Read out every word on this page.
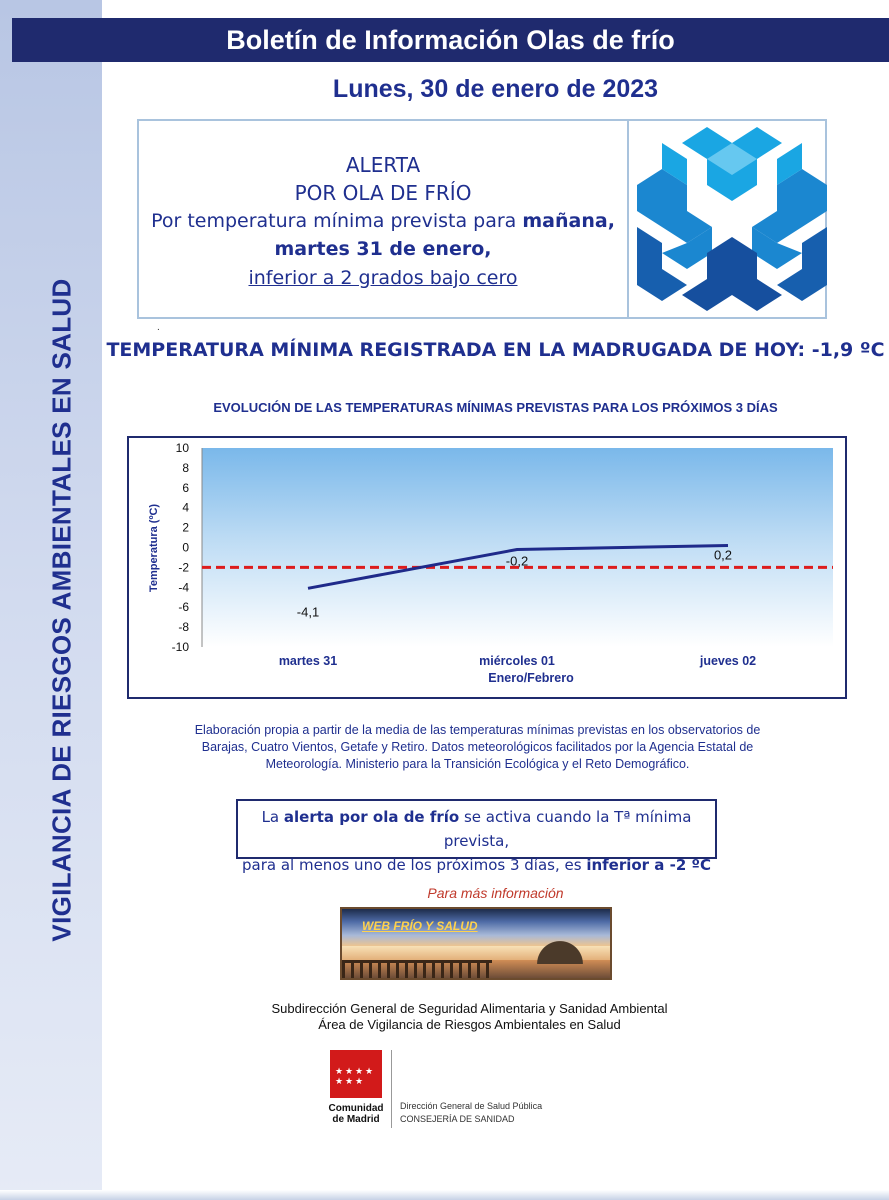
VIGILANCIA DE RIESGOS AMBIENTALES EN SALUD
Boletín de Información Olas de frío
Lunes, 30 de enero de 2023
ALERTA
POR OLA DE FRÍO
Por temperatura mínima prevista para mañana,
martes 31 de enero,
inferior a 2 grados bajo cero
.
TEMPERATURA MÍNIMA REGISTRADA EN LA MADRUGADA DE HOY: -1,9 ºC
EVOLUCIÓN DE LAS TEMPERATURAS MÍNIMAS PREVISTAS PARA LOS PRÓXIMOS 3 DÍAS
Temperatura (ºC)
Enero/Febrero
10
8
6
4
2
0
-2
-4
-6
-8
-10
martes 31	miércoles 01	jueves 02
-4,1
-0,2	0,2
Elaboración propia a partir de la media de las temperaturas mínimas previstas en los observatorios de
Barajas, Cuatro Vientos, Getafe y Retiro. Datos meteorológicos facilitados por la Agencia Estatal de
Meteorología. Ministerio para la Transición Ecológica y el Reto Demográfico.
La alerta por ola de frío se activa cuando la Tª mínima prevista,
para al menos uno de los próximos 3 días, es inferior a -2 ºC
Para más información
WEB FRÍO Y SALUD
Subdirección General de Seguridad Alimentaria y Sanidad Ambiental
Área de Vigilancia de Riesgos Ambientales en Salud
★ ★ ★ ★
★ ★ ★
Comunidad
de Madrid
Dirección General de Salud Pública
CONSEJERÍA DE SANIDAD
